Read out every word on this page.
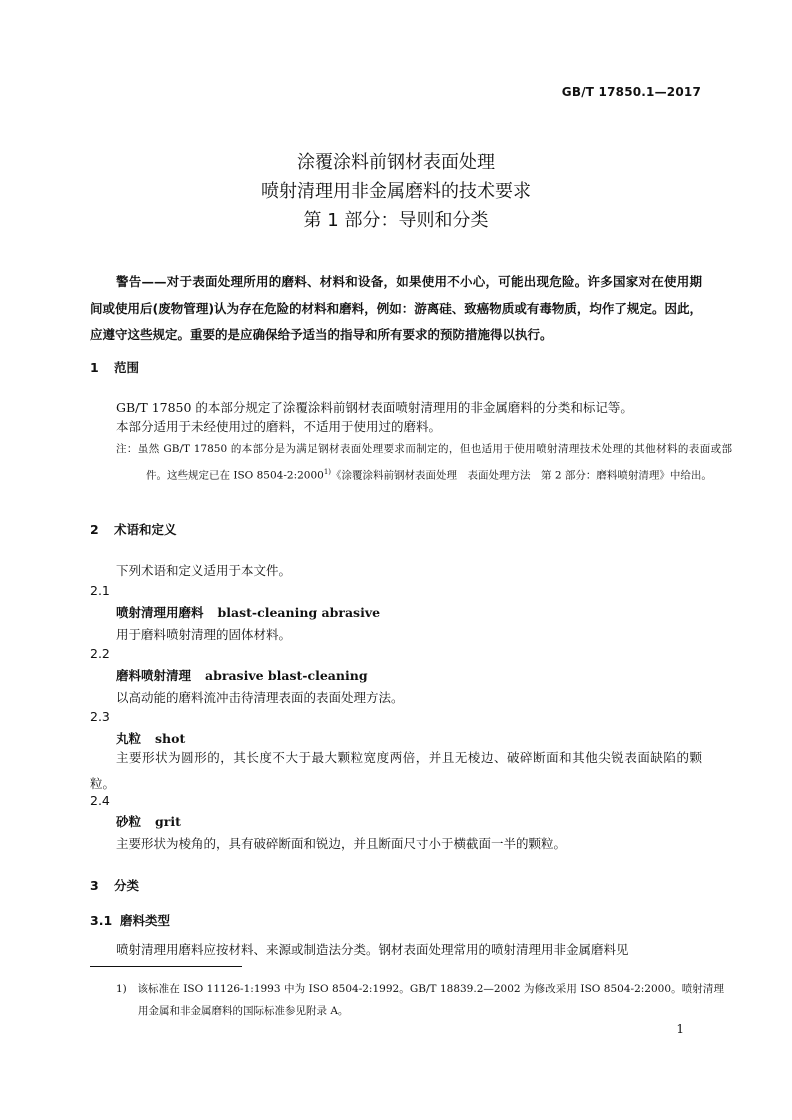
GB/T 17850.1—2017
涂覆涂料前钢材表面处理
喷射清理用非金属磨料的技术要求
第 1 部分：导则和分类
警告——对于表面处理所用的磨料、材料和设备，如果使用不小心，可能出现危险。许多国家对在使用期间或使用后(废物管理)认为存在危险的材料和磨料，例如：游离硅、致癌物质或有毒物质，均作了规定。因此，应遵守这些规定。重要的是应确保给予适当的指导和所有要求的预防措施得以执行。
1 范围
GB/T 17850 的本部分规定了涂覆涂料前钢材表面喷射清理用的非金属磨料的分类和标记等。
本部分适用于未经使用过的磨料，不适用于使用过的磨料。
注：虽然 GB/T 17850 的本部分是为满足钢材表面处理要求而制定的，但也适用于使用喷射清理技术处理的其他材料的表面或部件。这些规定已在 ISO 8504-2:2000$^{1)}$《涂覆涂料前钢材表面处理　表面处理方法　第 2 部分：磨料喷射清理》中给出。
2 术语和定义
下列术语和定义适用于本文件。
2.1
喷射清理用磨料 blast-cleaning abrasive
用于磨料喷射清理的固体材料。
2.2
磨料喷射清理 abrasive blast-cleaning
以高动能的磨料流冲击待清理表面的表面处理方法。
2.3
丸粒 shot
主要形状为圆形的，其长度不大于最大颗粒宽度两倍，并且无棱边、破碎断面和其他尖锐表面缺陷的颗粒。
2.4
砂粒 grit
主要形状为棱角的，具有破碎断面和锐边，并且断面尺寸小于横截面一半的颗粒。
3 分类
3.1 磨料类型
喷射清理用磨料应按材料、来源或制造法分类。钢材表面处理常用的喷射清理用非金属磨料见
1)　该标准在 ISO 11126-1:1993 中为 ISO 8504-2:1992。GB/T 18839.2—2002 为修改采用 ISO 8504-2:2000。喷射清理用金属和非金属磨料的国际标准参见附录 A。
1
